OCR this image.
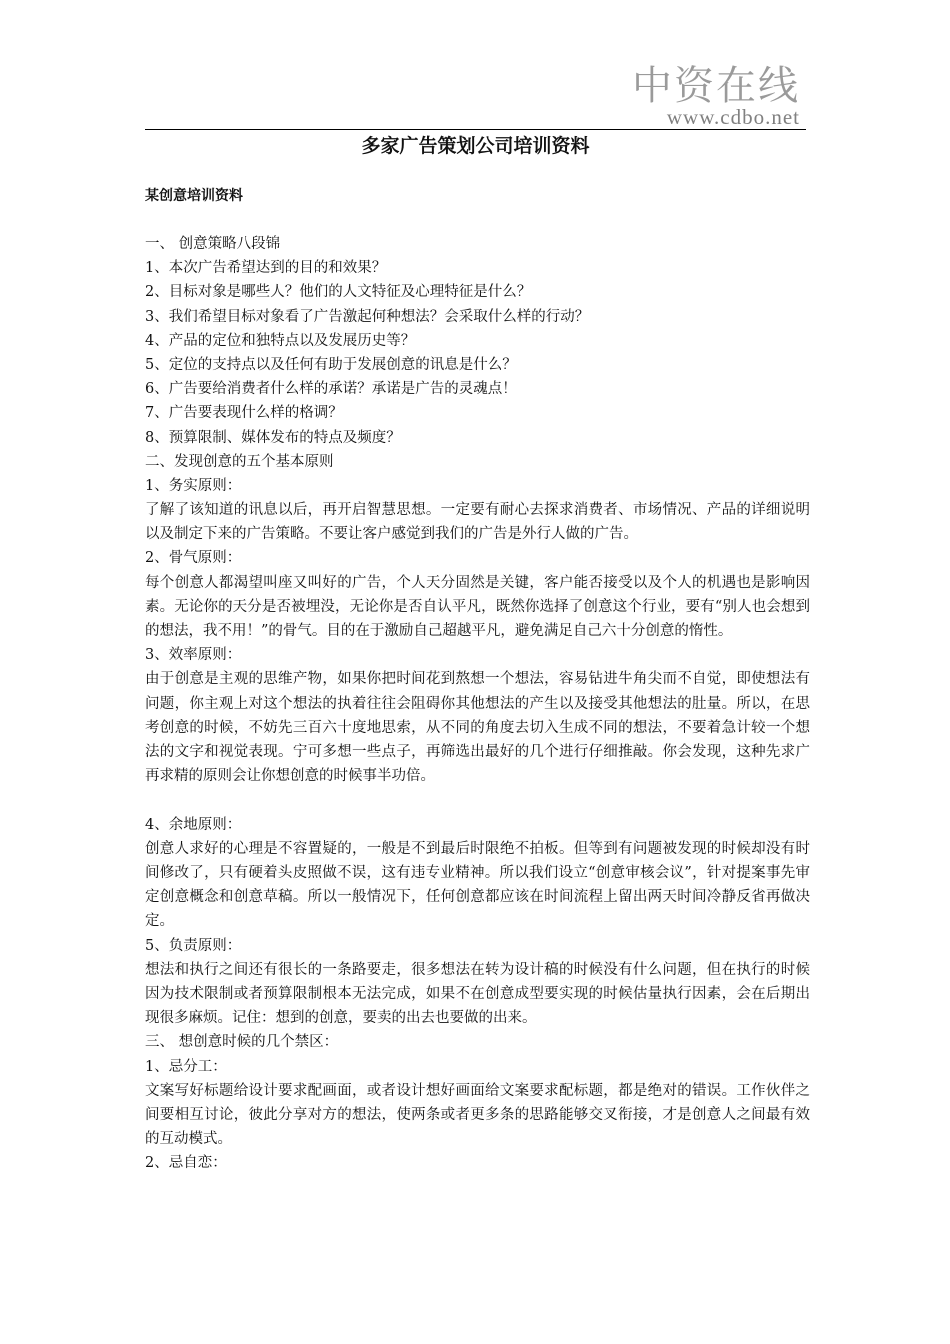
中资在线
www.cdbo.net
多家广告策划公司培训资料
某创意培训资料
一、 创意策略八段锦
1、本次广告希望达到的目的和效果？
2、目标对象是哪些人？他们的人文特征及心理特征是什么？
3、我们希望目标对象看了广告激起何种想法？会采取什么样的行动？
4、产品的定位和独特点以及发展历史等？
5、定位的支持点以及任何有助于发展创意的讯息是什么？
6、广告要给消费者什么样的承诺？承诺是广告的灵魂点！
7、广告要表现什么样的格调？
8、预算限制、媒体发布的特点及频度？
二、发现创意的五个基本原则
1、务实原则：
了解了该知道的讯息以后，再开启智慧思想。一定要有耐心去探求消费者、市场情况、产品的详细说明以及制定下来的广告策略。不要让客户感觉到我们的广告是外行人做的广告。
2、骨气原则：
每个创意人都渴望叫座又叫好的广告，个人天分固然是关键，客户能否接受以及个人的机遇也是影响因素。无论你的天分是否被埋没，无论你是否自认平凡，既然你选择了创意这个行业，要有“别人也会想到的想法，我不用！”的骨气。目的在于激励自己超越平凡，避免满足自己六十分创意的惰性。
3、效率原则：
由于创意是主观的思维产物，如果你把时间花到熬想一个想法，容易钻进牛角尖而不自觉，即使想法有问题，你主观上对这个想法的执着往往会阻碍你其他想法的产生以及接受其他想法的肚量。所以，在思考创意的时候，不妨先三百六十度地思索，从不同的角度去切入生成不同的想法，不要着急计较一个想法的文字和视觉表现。宁可多想一些点子，再筛选出最好的几个进行仔细推敲。你会发现，这种先求广再求精的原则会让你想创意的时候事半功倍。
4、余地原则：
创意人求好的心理是不容置疑的，一般是不到最后时限绝不拍板。但等到有问题被发现的时候却没有时间修改了，只有硬着头皮照做不误，这有违专业精神。所以我们设立“创意审核会议”，针对提案事先审定创意概念和创意草稿。所以一般情况下，任何创意都应该在时间流程上留出两天时间冷静反省再做决定。
5、负责原则：
想法和执行之间还有很长的一条路要走，很多想法在转为设计稿的时候没有什么问题，但在执行的时候因为技术限制或者预算限制根本无法完成，如果不在创意成型要实现的时候估量执行因素，会在后期出现很多麻烦。记住：想到的创意，要卖的出去也要做的出来。
三、 想创意时候的几个禁区：
1、忌分工：
文案写好标题给设计要求配画面，或者设计想好画面给文案要求配标题，都是绝对的错误。工作伙伴之间要相互讨论，彼此分享对方的想法，使两条或者更多条的思路能够交叉衔接，才是创意人之间最有效的互动模式。
2、忌自恋：
